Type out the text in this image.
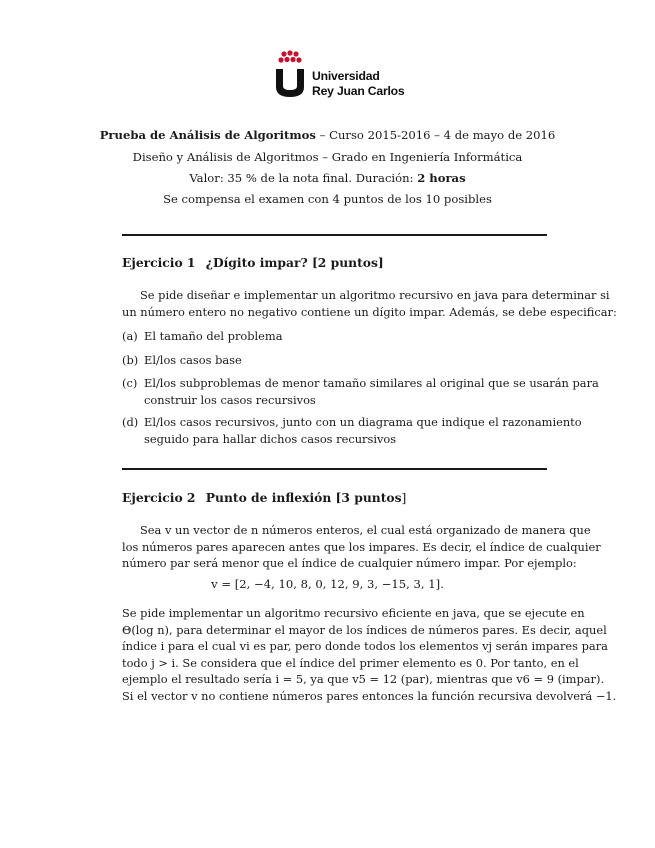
Universidad
Rey Juan Carlos
Prueba de Análisis de Algoritmos – Curso 2015-2016 – 4 de mayo de 2016
Diseño y Análisis de Algoritmos – Grado en Ingeniería Informática
Valor: 35 % de la nota final. Duración: 2 horas
Se compensa el examen con 4 puntos de los 10 posibles
Ejercicio 1 ¿Dígito impar? [2 puntos]
Se pide diseñar e implementar un algoritmo recursivo en java para determinar si
un número entero no negativo contiene un dígito impar. Además, se debe especificar:
(a) El tamaño del problema
(b) El/los casos base
(c) El/los subproblemas de menor tamaño similares al original que se usarán para
construir los casos recursivos
(d) El/los casos recursivos, junto con un diagrama que indique el razonamiento
seguido para hallar dichos casos recursivos
Ejercicio 2 Punto de inflexión [3 puntos]
Sea v un vector de n números enteros, el cual está organizado de manera que
los números pares aparecen antes que los impares. Es decir, el índice de cualquier
número par será menor que el índice de cualquier número impar. Por ejemplo:
v = [2, −4, 10, 8, 0, 12, 9, 3, −15, 3, 1].
Se pide implementar un algoritmo recursivo eficiente en java, que se ejecute en
Θ(log n), para determinar el mayor de los índices de números pares. Es decir, aquel
índice i para el cual vi es par, pero donde todos los elementos vj serán impares para
todo j > i. Se considera que el índice del primer elemento es 0. Por tanto, en el
ejemplo el resultado sería i = 5, ya que v5 = 12 (par), mientras que v6 = 9 (impar).
Si el vector v no contiene números pares entonces la función recursiva devolverá −1.
